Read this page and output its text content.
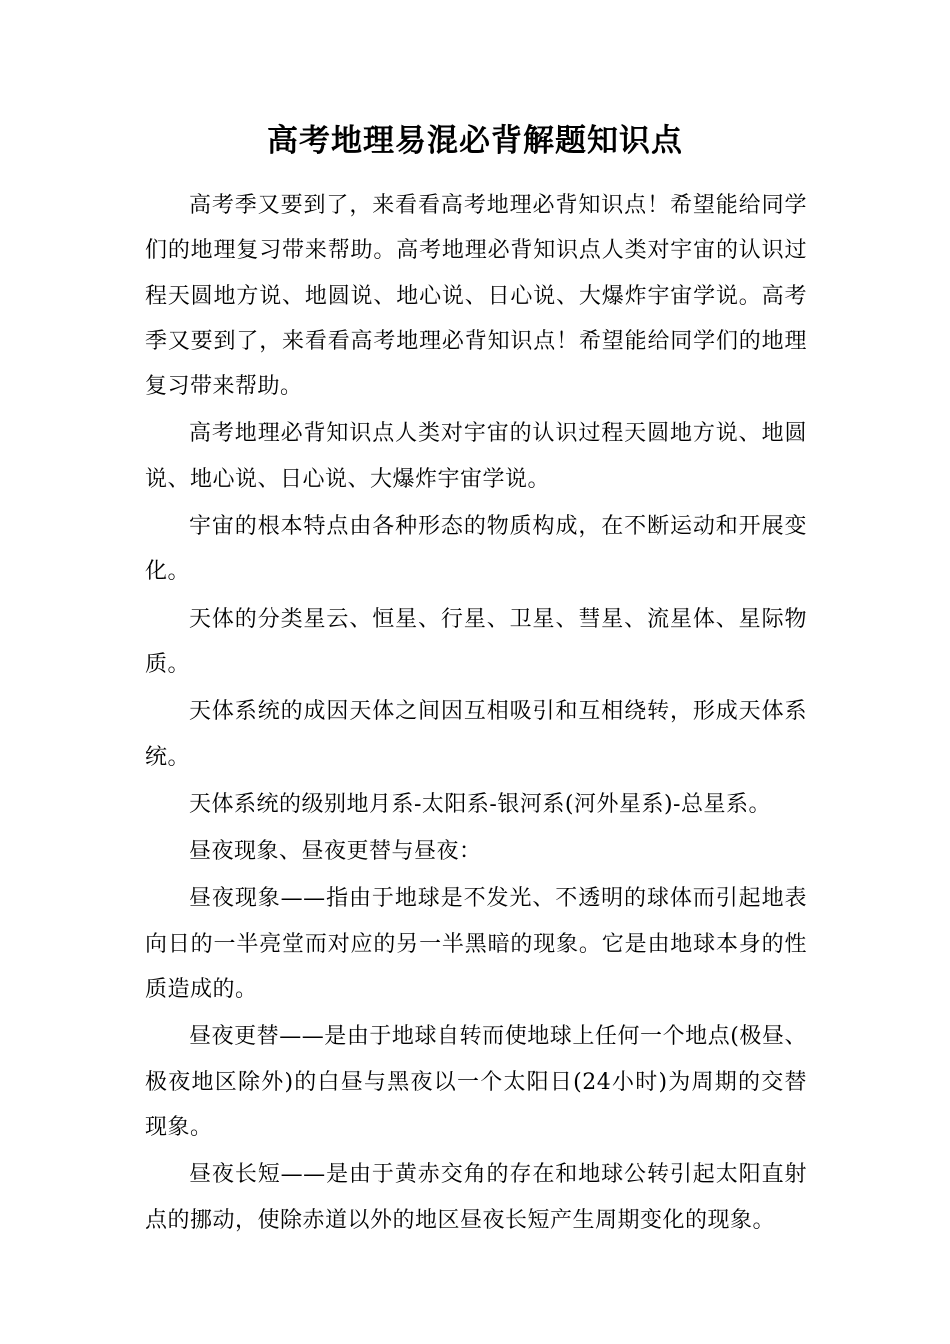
高考地理易混必背解题知识点

高考季又要到了，来看看高考地理必背知识点！希望能给同学们的地理复习带来帮助。高考地理必背知识点人类对宇宙的认识过程天圆地方说、地圆说、地心说、日心说、大爆炸宇宙学说。高考季又要到了，来看看高考地理必背知识点！希望能给同学们的地理复习带来帮助。

高考地理必背知识点人类对宇宙的认识过程天圆地方说、地圆说、地心说、日心说、大爆炸宇宙学说。

宇宙的根本特点由各种形态的物质构成，在不断运动和开展变化。

天体的分类星云、恒星、行星、卫星、彗星、流星体、星际物质。

天体系统的成因天体之间因互相吸引和互相绕转，形成天体系统。

天体系统的级别地月系-太阳系-银河系(河外星系)-总星系。

昼夜现象、昼夜更替与昼夜：

昼夜现象——指由于地球是不发光、不透明的球体而引起地表向日的一半亮堂而对应的另一半黑暗的现象。它是由地球本身的性质造成的。

昼夜更替——是由于地球自转而使地球上任何一个地点(极昼、极夜地区除外)的白昼与黑夜以一个太阳日(24小时)为周期的交替现象。

昼夜长短——是由于黄赤交角的存在和地球公转引起太阳直射点的挪动，使除赤道以外的地区昼夜长短产生周期变化的现象。
